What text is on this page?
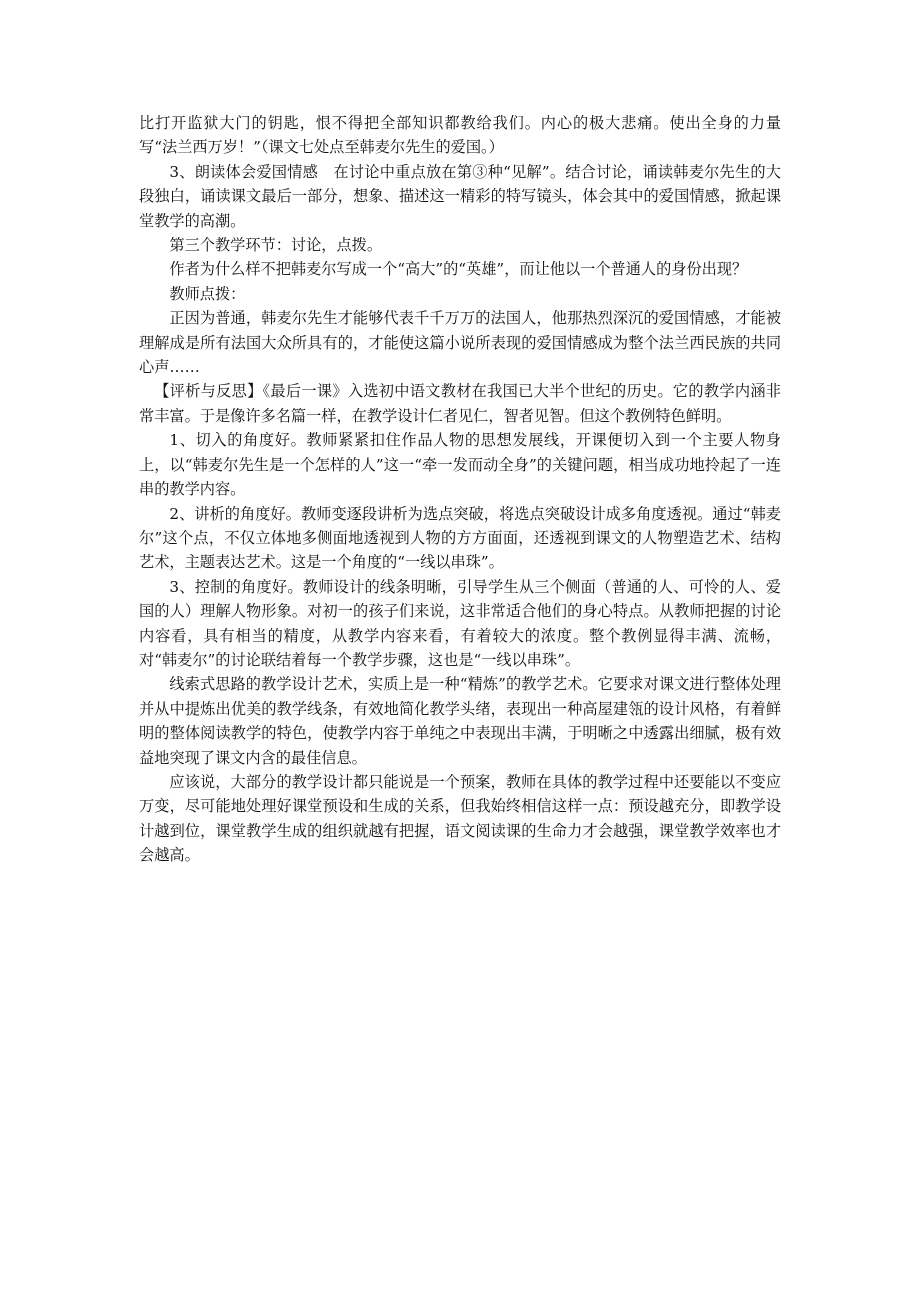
比打开监狱大门的钥匙，恨不得把全部知识都教给我们。内心的极大悲痛。使出全身的力量写“法兰西万岁！”（课文七处点至韩麦尔先生的爱国。）

3、朗读体会爱国情感　在讨论中重点放在第③种“见解”。结合讨论，诵读韩麦尔先生的大段独白，诵读课文最后一部分，想象、描述这一精彩的特写镜头，体会其中的爱国情感，掀起课堂教学的高潮。

第三个教学环节：讨论，点拨。

作者为什么样不把韩麦尔写成一个“高大”的“英雄”，而让他以一个普通人的身份出现？

教师点拨：

正因为普通，韩麦尔先生才能够代表千千万万的法国人，他那热烈深沉的爱国情感，才能被理解成是所有法国大众所具有的，才能使这篇小说所表现的爱国情感成为整个法兰西民族的共同心声……

【评析与反思】《最后一课》入选初中语文教材在我国已大半个世纪的历史。它的教学内涵非常丰富。于是像许多名篇一样，在教学设计仁者见仁，智者见智。但这个教例特色鲜明。

1、切入的角度好。教师紧紧扣住作品人物的思想发展线，开课便切入到一个主要人物身上，以“韩麦尔先生是一个怎样的人”这一“牵一发而动全身”的关键问题，相当成功地拎起了一连串的教学内容。

2、讲析的角度好。教师变逐段讲析为选点突破，将选点突破设计成多角度透视。通过“韩麦尔”这个点，不仅立体地多侧面地透视到人物的方方面面，还透视到课文的人物塑造艺术、结构艺术，主题表达艺术。这是一个角度的“一线以串珠”。

3、控制的角度好。教师设计的线条明晰，引导学生从三个侧面（普通的人、可怜的人、爱国的人）理解人物形象。对初一的孩子们来说，这非常适合他们的身心特点。从教师把握的讨论内容看，具有相当的精度，从教学内容来看，有着较大的浓度。整个教例显得丰满、流畅，对“韩麦尔”的讨论联结着每一个教学步骤，这也是“一线以串珠”。

线索式思路的教学设计艺术，实质上是一种“精炼”的教学艺术。它要求对课文进行整体处理并从中提炼出优美的教学线条，有效地简化教学头绪，表现出一种高屋建瓴的设计风格，有着鲜明的整体阅读教学的特色，使教学内容于单纯之中表现出丰满，于明晰之中透露出细腻，极有效益地突现了课文内含的最佳信息。

应该说，大部分的教学设计都只能说是一个预案，教师在具体的教学过程中还要能以不变应万变，尽可能地处理好课堂预设和生成的关系，但我始终相信这样一点：预设越充分，即教学设计越到位，课堂教学生成的组织就越有把握，语文阅读课的生命力才会越强，课堂教学效率也才会越高。
